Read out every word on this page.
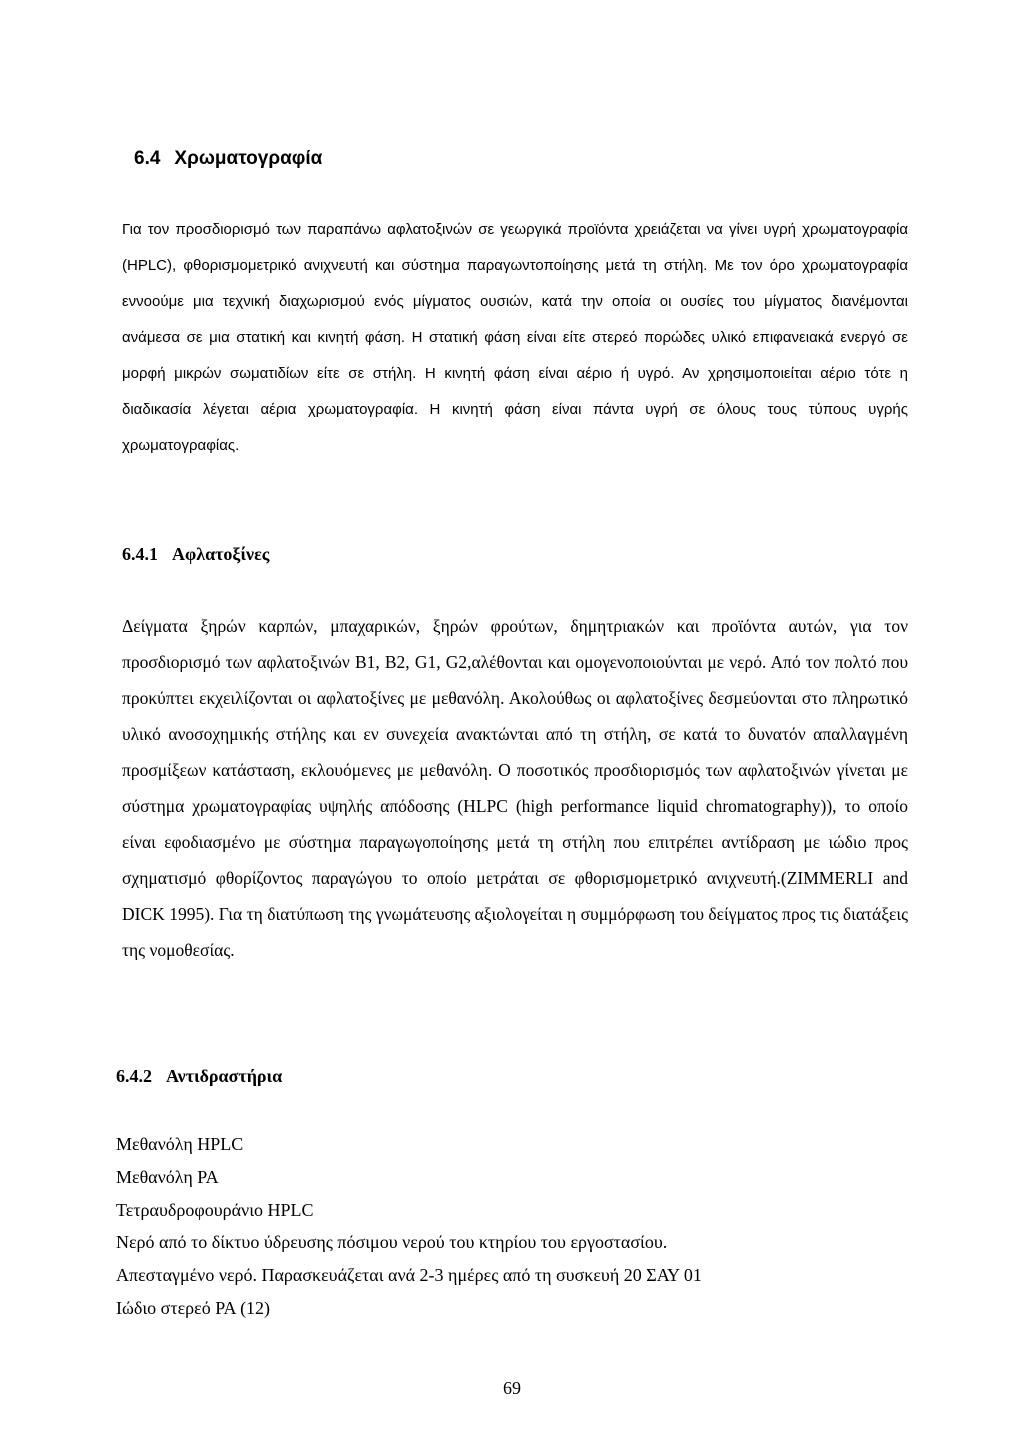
6.4 Χρωματογραφία

Για τον προσδιορισμό των παραπάνω αφλατοξινών σε γεωργικά προϊόντα χρειάζεται να γίνει υγρή χρωματογραφία (HPLC), φθορισμομετρικό ανιχνευτή και σύστημα παραγωντοποίησης μετά τη στήλη. Με τον όρο χρωματογραφία εννοούμε μια τεχνική διαχωρισμού ενός μίγματος ουσιών, κατά την οποία οι ουσίες του μίγματος διανέμονται ανάμεσα σε μια στατική και κινητή φάση. Η στατική φάση είναι είτε στερεό πορώδες υλικό επιφανειακά ενεργό σε μορφή μικρών σωματιδίων είτε σε στήλη. Η κινητή φάση είναι αέριο ή υγρό. Αν χρησιμοποιείται αέριο τότε η διαδικασία λέγεται αέρια χρωματογραφία. Η κινητή φάση είναι πάντα υγρή σε όλους τους τύπους υγρής χρωματογραφίας.

6.4.1 Αφλατοξίνες

Δείγματα ξηρών καρπών, μπαχαρικών, ξηρών φρούτων, δημητριακών και προϊόντα αυτών, για τον προσδιορισμό των αφλατοξινών B1, B2, G1, G2,αλέθονται και ομογενοποιούνται με νερό. Από τον πολτό που προκύπτει εκχειλίζονται οι αφλατοξίνες με μεθανόλη. Ακολούθως οι αφλατοξίνες δεσμεύονται στο πληρωτικό υλικό ανοσοχημικής στήλης και εν συνεχεία ανακτώνται από τη στήλη, σε κατά το δυνατόν απαλλαγμένη προσμίξεων κατάσταση, εκλουόμενες με μεθανόλη. Ο ποσοτικός προσδιορισμός των αφλατοξινών γίνεται με σύστημα χρωματογραφίας υψηλής απόδοσης (HLPC (high performance liquid chromatography)), το οποίο είναι εφοδιασμένο με σύστημα παραγωγοποίησης μετά τη στήλη που επιτρέπει αντίδραση με ιώδιο προς σχηματισμό φθορίζοντος παραγώγου το οποίο μετράται σε φθορισμομετρικό ανιχνευτή.(ZIMMERLI and DICK 1995). Για τη διατύπωση της γνωμάτευσης αξιολογείται η συμμόρφωση του δείγματος προς τις διατάξεις της νομοθεσίας.

6.4.2 Αντιδραστήρια
Μεθανόλη HPLC
Μεθανόλη PA
Τετραυδροφουράνιο HPLC
Νερό από το δίκτυο ύδρευσης πόσιμου νερού του κτηρίου του εργοστασίου.
Απεσταγμένο νερό. Παρασκευάζεται ανά 2-3 ημέρες από τη συσκευή 20 ΣΑΥ 01
Ιώδιο στερεό PA (12)
69
